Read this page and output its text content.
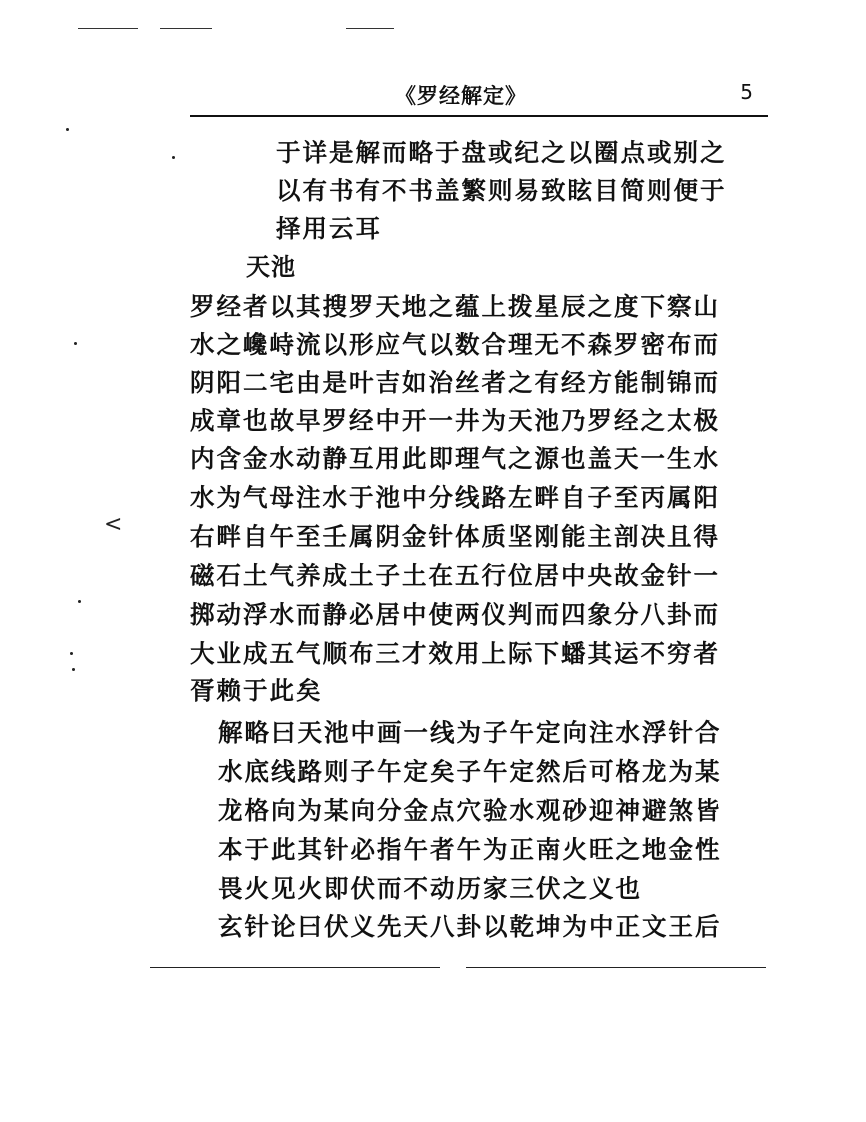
<
《罗经解定》	5
于详是解而略于盘或纪之以圈点或别之
以有书有不书盖繁则易致眩目简则便于
择用云耳
天池
罗经者以其搜罗天地之蕴上拨星辰之度下察山
水之巉峙流以形应气以数合理无不森罗密布而
阴阳二宅由是叶吉如治丝者之有经方能制锦而
成章也故早罗经中开一井为天池乃罗经之太极
内含金水动静互用此即理气之源也盖天一生水
水为气母注水于池中分线路左畔自子至丙属阳
右畔自午至壬属阴金针体质坚刚能主剖决且得
磁石土气养成土子土在五行位居中央故金针一
掷动浮水而静必居中使两仪判而四象分八卦而
大业成五气顺布三才效用上际下蟠其运不穷者
胥赖于此矣
解略曰天池中画一线为子午定向注水浮针合
水底线路则子午定矣子午定然后可格龙为某
龙格向为某向分金点穴验水观砂迎神避煞皆
本于此其针必指午者午为正南火旺之地金性
畏火见火即伏而不动历家三伏之义也
玄针论曰伏义先天八卦以乾坤为中正文王后
